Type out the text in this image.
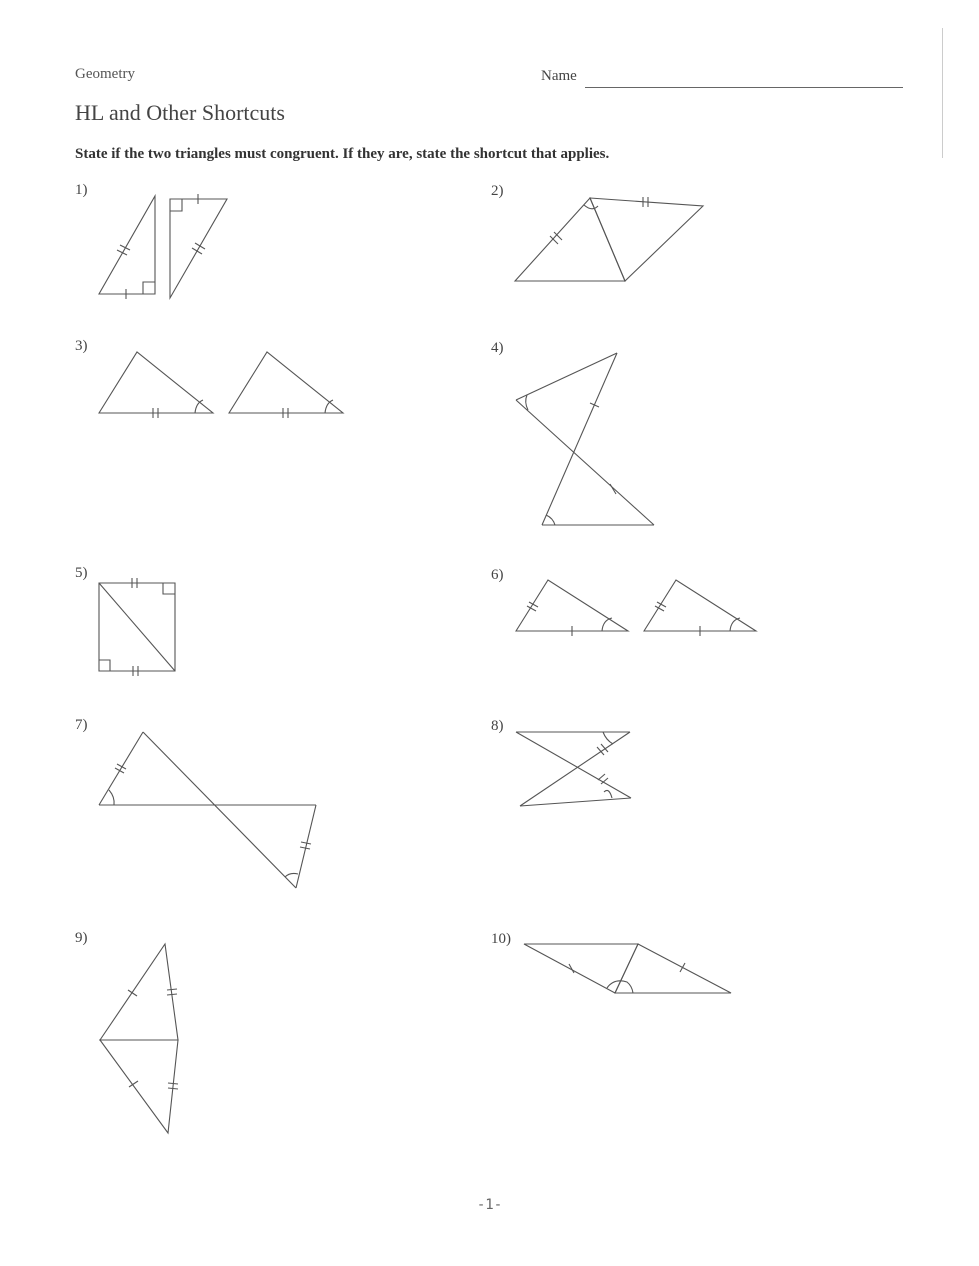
Geometry	Name
HL and Other Shortcuts
State if the two triangles must congruent. If they are, state the shortcut that applies.
1)	2)
3)	4)
5)	6)
7)	8)
9)	10)
-1-
